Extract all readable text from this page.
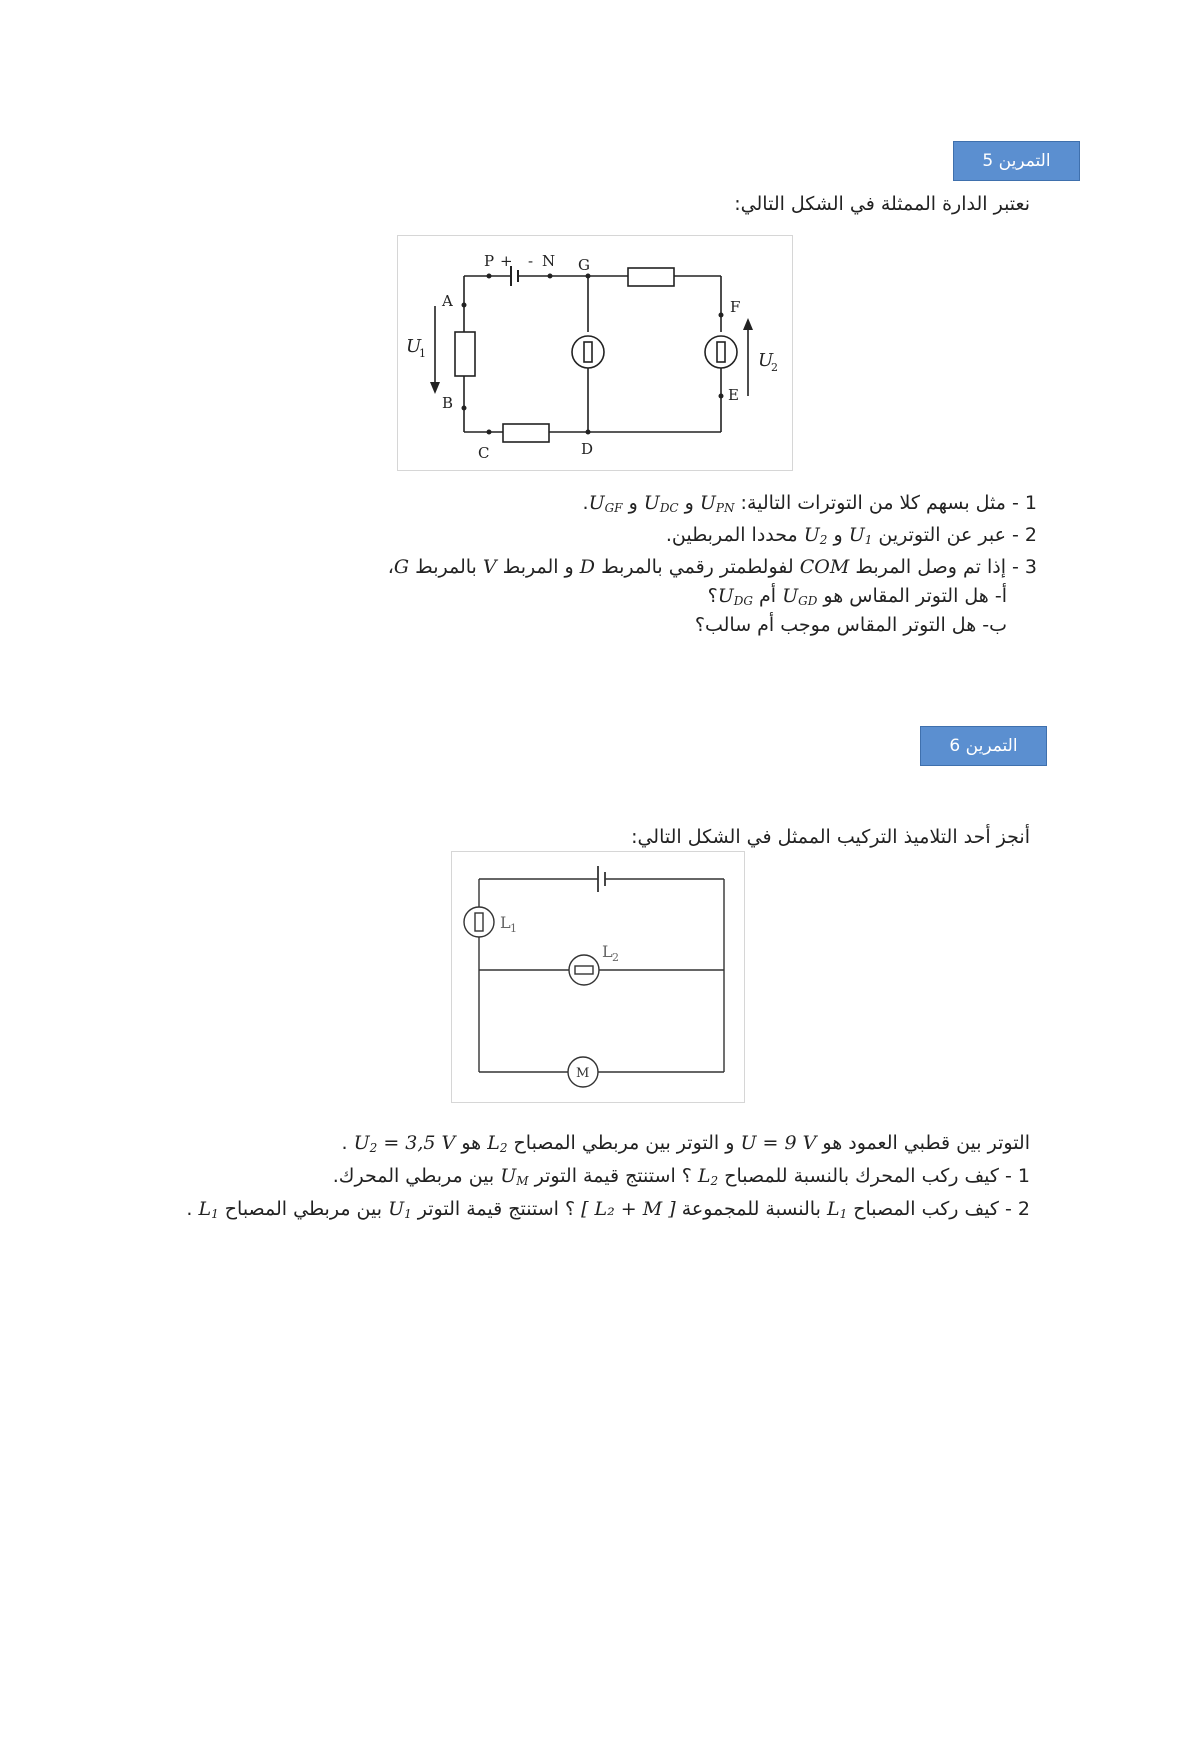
التمرين 5
نعتبر الدارة الممثلة في الشكل التالي:
P + - N G
A
B
C	D
E
F
U
1	U
2
1 - مثل بسهم كلا من التوترات التالية: $U_{PN}$ و $U_{DC}$ و $U_{GF}$.
2 - عبر عن التوترين $U_1$ و $U_2$ محددا المربطين.
3 - إذا تم وصل المربط COM لفولطمتر رقمي بالمربط D و المربط V بالمربط G،
أ- هل التوتر المقاس هو $U_{GD}$ أم $U_{DG}؟$
ب- هل التوتر المقاس موجب أم سالب؟
التمرين 6
أنجز أحد التلاميذ التركيب الممثل في الشكل التالي:
L 1
L 2
M
التوتر بين قطبي العمود هو U = 9 V و التوتر بين مربطي المصباح $L_2$ هو $U_2 = 3,5$ V .
1 - كيف ركب المحرك بالنسبة للمصباح $L_2$ ؟ استنتج قيمة التوتر $U_M$ بين مربطي المحرك.
2 - كيف ركب المصباح $L_1$ بالنسبة للمجموعة [ L₂ + M ] ؟ استنتج قيمة التوتر $U_1$ بين مربطي المصباح $L_1$ .
